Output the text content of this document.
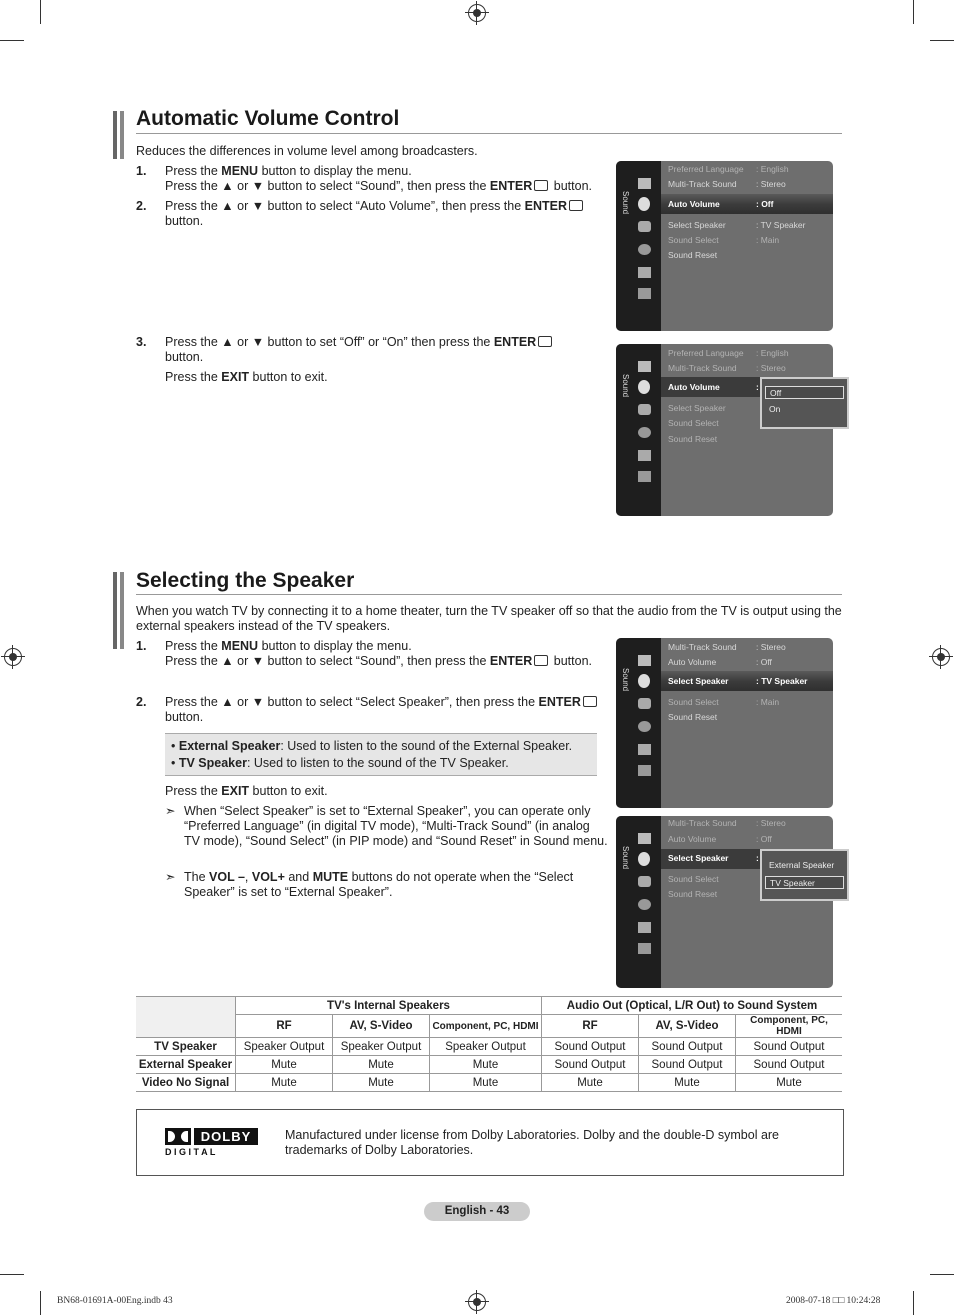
Automatic Volume Control
Reduces the differences in volume level among broadcasters.
1. Press the MENU button to display the menu.
Press the ▲ or ▼ button to select “Sound”, then press the ENTER button.
2. Press the ▲ or ▼ button to select “Auto Volume”, then press the ENTER
button.
3. Press the ▲ or ▼ button to set “Off” or “On” then press the ENTER
button.
Press the EXIT button to exit.
Sound
Preferred Language : English
Multi-Track Sound : Stereo
Auto Volume	: Off
Select Speaker	: TV Speaker
Sound Select	: Main
Sound Reset
Sound
Preferred Language : English
Multi-Track Sound : Stereo
Auto Volume	:
Select Speaker
Sound Select
Sound Reset
Off
On
Selecting the Speaker
When you watch TV by connecting it to a home theater, turn the TV speaker off so that the audio from the TV is output using the external speakers instead of the TV speakers.
1. Press the MENU button to display the menu.
Press the ▲ or ▼ button to select “Sound”, then press the ENTER button.
2. Press the ▲ or ▼ button to select “Select Speaker”, then press the ENTER
button.
• External Speaker: Used to listen to the sound of the External Speaker.
• TV Speaker: Used to listen to the sound of the TV Speaker.
Press the EXIT button to exit.
➣ When “Select Speaker” is set to “External Speaker”, you can operate only “Preferred Language” (in digital TV mode), “Multi-Track Sound” (in analog TV mode), “Sound Select” (in PIP mode) and “Sound Reset” in Sound menu.
➣ The VOL –, VOL+ and MUTE buttons do not operate when the “Select Speaker” is set to “External Speaker”.
Sound
Multi-Track Sound : Stereo
Auto Volume	: Off
Select Speaker	: TV Speaker
Sound Select	: Main
Sound Reset
Sound
Multi-Track Sound : Stereo
Auto Volume	: Off
Select Speaker	:
Sound Select
Sound Reset
External Speaker
TV Speaker
	TV's Internal Speakers			Audio Out (Optical, L/R Out) to Sound System		
	RF	AV, S-Video	Component, PC, HDMI	RF	AV, S-Video	Component, PC, HDMI
TV Speaker	Speaker Output	Speaker Output	Speaker Output	Sound Output	Sound Output	Sound Output
External Speaker	Mute	Mute	Mute	Sound Output	Sound Output	Sound Output
Video No Signal	Mute	Mute	Mute	Mute	Mute	Mute
DOLBY
D I G I T A L
Manufactured under license from Dolby Laboratories. Dolby and the double-D symbol are trademarks of Dolby Laboratories.
English - 43
BN68-01691A-00Eng.indb 43	2008-07-18 □□ 10:24:28
